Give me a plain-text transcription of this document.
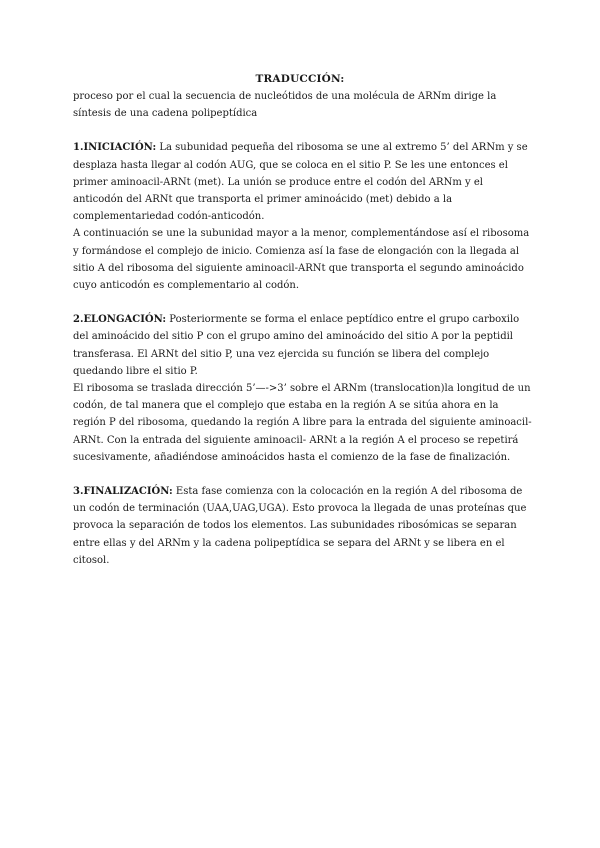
TRADUCCIÓN:

proceso por el cual la secuencia de nucleótidos de una molécula de ARNm dirige la síntesis de una cadena polipeptídica

1.INICIACIÓN: La subunidad pequeña del ribosoma se une al extremo 5’ del ARNm y se desplaza hasta llegar al codón AUG, que se coloca en el sitio P. Se les une entonces el primer aminoacil-ARNt (met). La unión se produce entre el codón del ARNm y el anticodón del ARNt que transporta el primer aminoácido (met) debido a la complementariedad codón-anticodón.

A continuación se une la subunidad mayor a la menor, complementándose así el ribosoma y formándose el complejo de inicio. Comienza así la fase de elongación con la llegada al sitio A del ribosoma del siguiente aminoacil-ARNt que transporta el segundo aminoácido cuyo anticodón es complementario al codón.

2.ELONGACIÓN: Posteriormente se forma el enlace peptídico entre el grupo carboxilo del aminoácido del sitio P con el grupo amino del aminoácido del sitio A por la peptidil transferasa. El ARNt del sitio P, una vez ejercida su función se libera del complejo quedando libre el sitio P.

El ribosoma se traslada dirección 5’—->3’ sobre el ARNm (translocation)la longitud de un codón, de tal manera que el complejo que estaba en la región A se sitúa ahora en la región P del ribosoma, quedando la región A libre para la entrada del siguiente aminoacil-ARNt. Con la entrada del siguiente aminoacil- ARNt a la región A el proceso se repetirá sucesivamente, añadiéndose aminoácidos hasta el comienzo de la fase de finalización.

3.FINALIZACIÓN: Esta fase comienza con la colocación en la región A del ribosoma de un codón de terminación (UAA,UAG,UGA). Esto provoca la llegada de unas proteínas que provoca la separación de todos los elementos. Las subunidades ribosómicas se separan entre ellas y del ARNm y la cadena polipeptídica se separa del ARNt y se libera en el citosol.
